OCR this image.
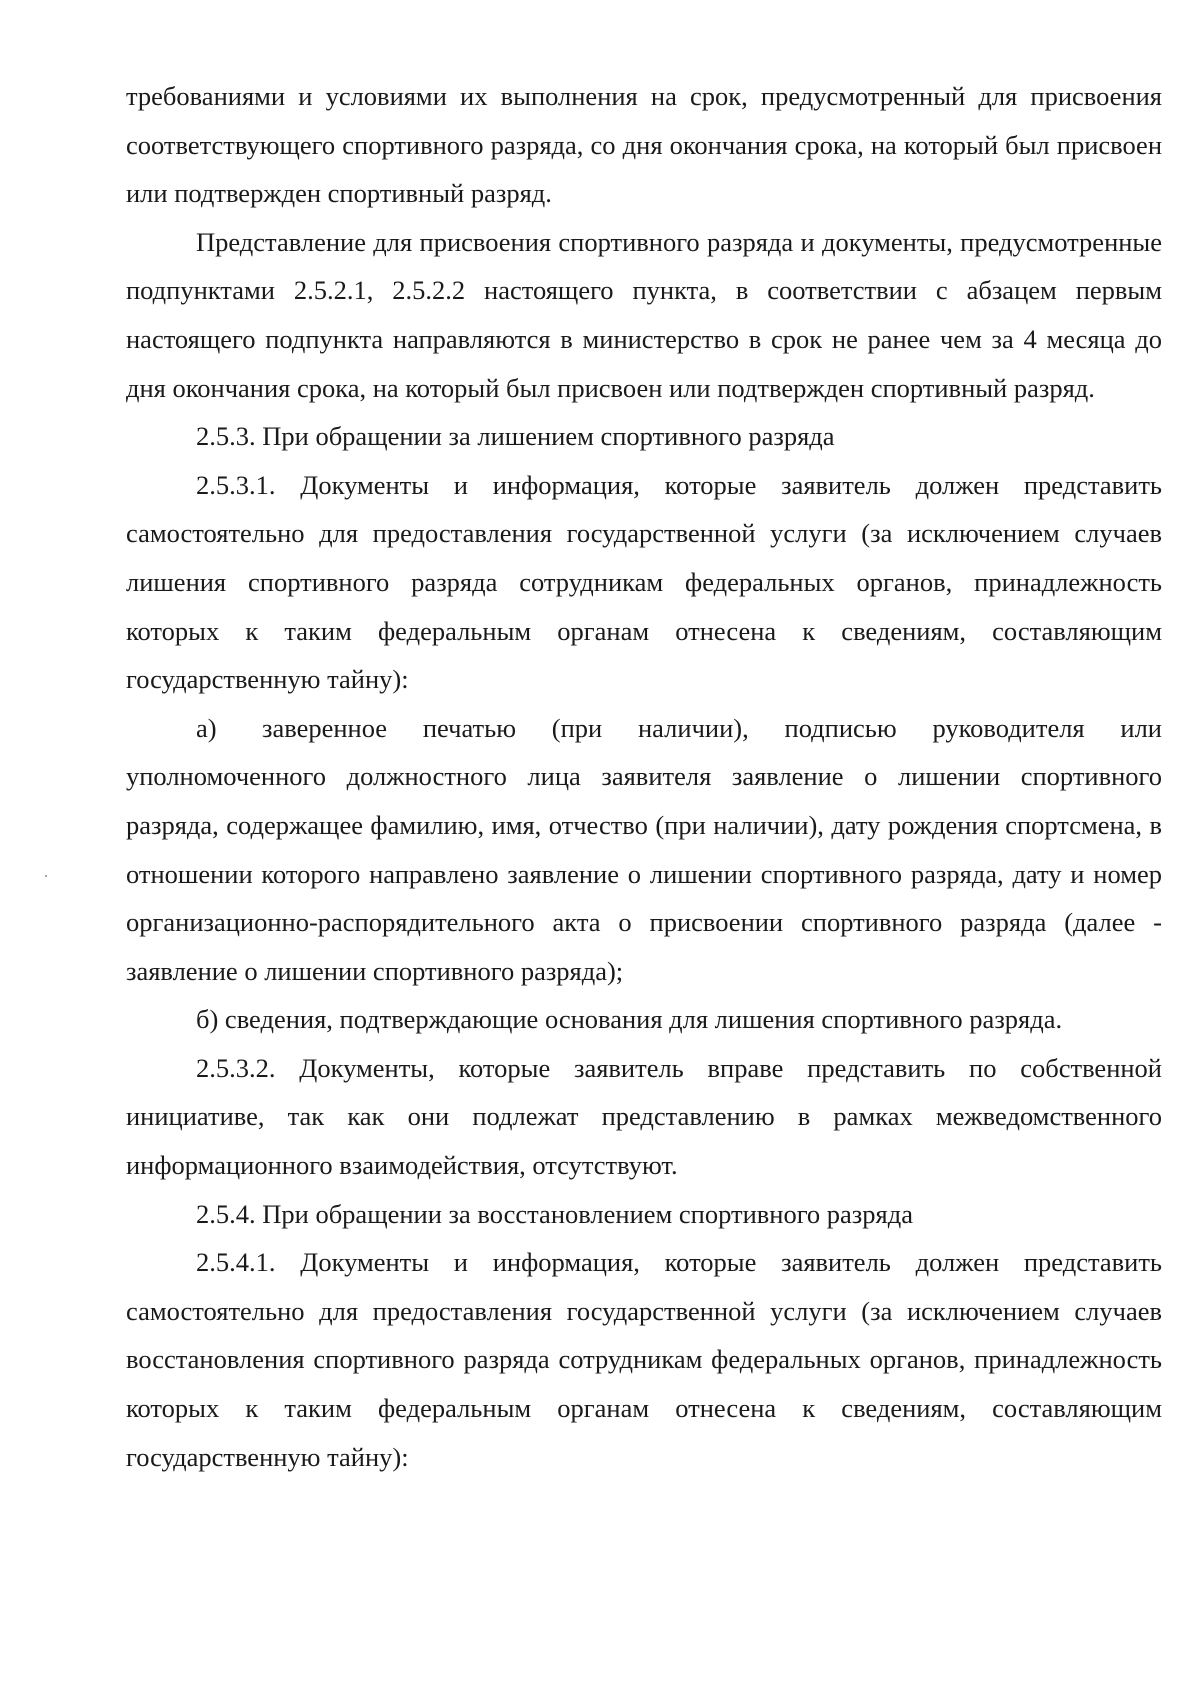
требованиями и условиями их выполнения на срок, предусмотренный для присвоения соответствующего спортивного разряда, со дня окончания срока, на который был присвоен или подтвержден спортивный разряд.

Представление для присвоения спортивного разряда и документы, предусмотренные подпунктами 2.5.2.1, 2.5.2.2 настоящего пункта, в соответствии с абзацем первым настоящего подпункта направляются в министерство в срок не ранее чем за 4 месяца до дня окончания срока, на который был присвоен или подтвержден спортивный разряд.

2.5.3. При обращении за лишением спортивного разряда

2.5.3.1. Документы и информация, которые заявитель должен представить самостоятельно для предоставления государственной услуги (за исключением случаев лишения спортивного разряда сотрудникам федеральных органов, принадлежность которых к таким федеральным органам отнесена к сведениям, составляющим государственную тайну):

а) заверенное печатью (при наличии), подписью руководителя или уполномоченного должностного лица заявителя заявление о лишении спортивного разряда, содержащее фамилию, имя, отчество (при наличии), дату рождения спортсмена, в отношении которого направлено заявление о лишении спортивного разряда, дату и номер организационно-распорядительного акта о присвоении спортивного разряда (далее - заявление о лишении спортивного разряда);

б) сведения, подтверждающие основания для лишения спортивного разряда.

2.5.3.2. Документы, которые заявитель вправе представить по собственной инициативе, так как они подлежат представлению в рамках межведомственного информационного взаимодействия, отсутствуют.

2.5.4. При обращении за восстановлением спортивного разряда

2.5.4.1. Документы и информация, которые заявитель должен представить самостоятельно для предоставления государственной услуги (за исключением случаев восстановления спортивного разряда сотрудникам федеральных органов, принадлежность которых к таким федеральным органам отнесена к сведениям, составляющим государственную тайну):
